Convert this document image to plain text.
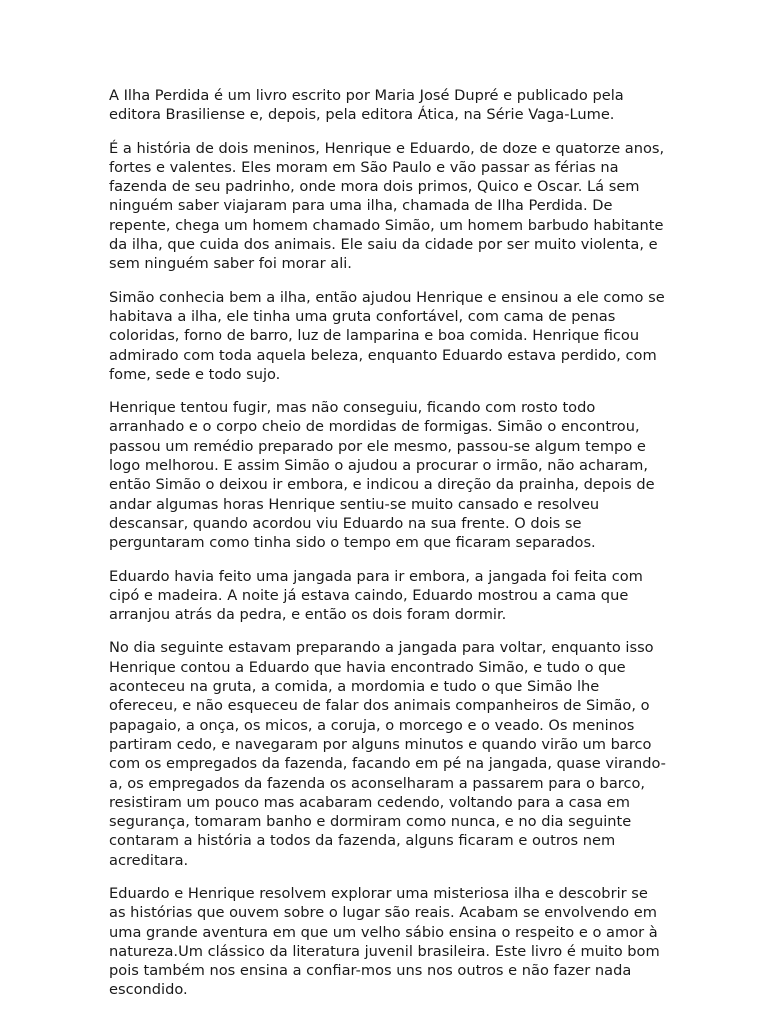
A Ilha Perdida é um livro escrito por Maria José Dupré e publicado pela
editora Brasiliense e, depois, pela editora Ática, na Série Vaga-Lume.

É a história de dois meninos, Henrique e Eduardo, de doze e quatorze anos,
fortes e valentes. Eles moram em São Paulo e vão passar as férias na
fazenda de seu padrinho, onde mora dois primos, Quico e Oscar. Lá sem
ninguém saber viajaram para uma ilha, chamada de Ilha Perdida. De
repente, chega um homem chamado Simão, um homem barbudo habitante
da ilha, que cuida dos animais. Ele saiu da cidade por ser muito violenta, e
sem ninguém saber foi morar ali.

Simão conhecia bem a ilha, então ajudou Henrique e ensinou a ele como se
habitava a ilha, ele tinha uma gruta confortável, com cama de penas
coloridas, forno de barro, luz de lamparina e boa comida. Henrique ficou
admirado com toda aquela beleza, enquanto Eduardo estava perdido, com
fome, sede e todo sujo.

Henrique tentou fugir, mas não conseguiu, ficando com rosto todo
arranhado e o corpo cheio de mordidas de formigas. Simão o encontrou,
passou um remédio preparado por ele mesmo, passou-se algum tempo e
logo melhorou. E assim Simão o ajudou a procurar o irmão, não acharam,
então Simão o deixou ir embora, e indicou a direção da prainha, depois de
andar algumas horas Henrique sentiu-se muito cansado e resolveu
descansar, quando acordou viu Eduardo na sua frente. O dois se
perguntaram como tinha sido o tempo em que ficaram separados.

Eduardo havia feito uma jangada para ir embora, a jangada foi feita com
cipó e madeira. A noite já estava caindo, Eduardo mostrou a cama que
arranjou atrás da pedra, e então os dois foram dormir.

No dia seguinte estavam preparando a jangada para voltar, enquanto isso
Henrique contou a Eduardo que havia encontrado Simão, e tudo o que
aconteceu na gruta, a comida, a mordomia e tudo o que Simão lhe
ofereceu, e não esqueceu de falar dos animais companheiros de Simão, o
papagaio, a onça, os micos, a coruja, o morcego e o veado. Os meninos
partiram cedo, e navegaram por alguns minutos e quando virão um barco
com os empregados da fazenda, facando em pé na jangada, quase virando-
a, os empregados da fazenda os aconselharam a passarem para o barco,
resistiram um pouco mas acabaram cedendo, voltando para a casa em
segurança, tomaram banho e dormiram como nunca, e no dia seguinte
contaram a história a todos da fazenda, alguns ficaram e outros nem
acreditara.

Eduardo e Henrique resolvem explorar uma misteriosa ilha e descobrir se
as histórias que ouvem sobre o lugar são reais. Acabam se envolvendo em
uma grande aventura em que um velho sábio ensina o respeito e o amor à
natureza.Um clássico da literatura juvenil brasileira. Este livro é muito bom
pois também nos ensina a confiar-mos uns nos outros e não fazer nada
escondido.
